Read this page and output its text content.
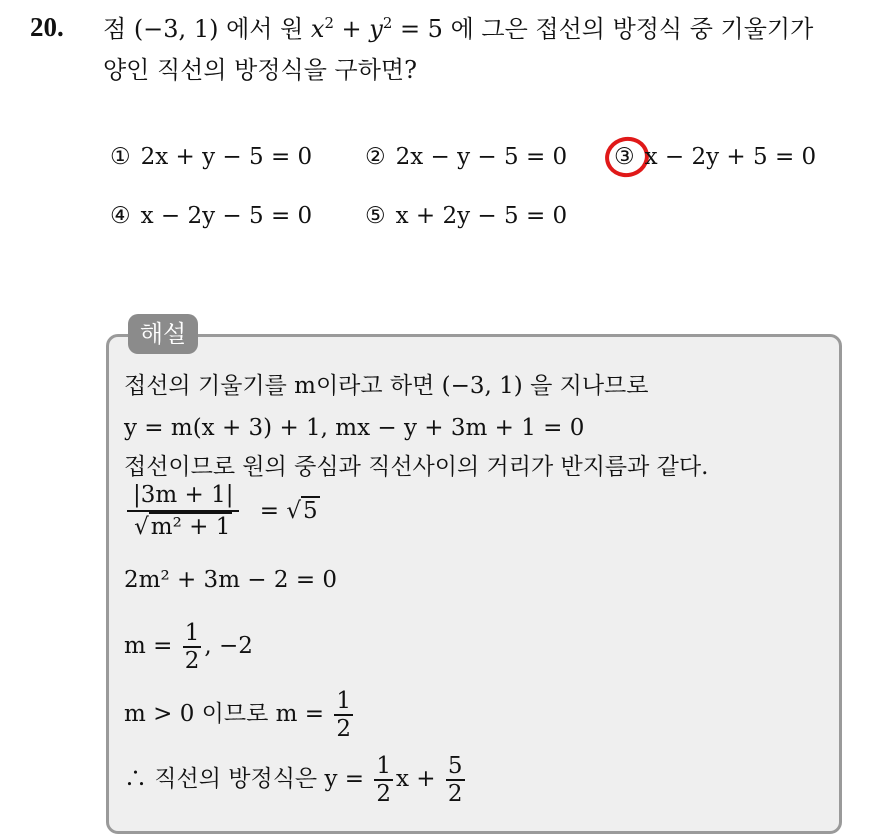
20. 점 (−3, 1) 에서 원 $x^2 + y^2 = 5$ 에 그은 접선의 방정식 중 기울기가
양인 직선의 방정식을 구하면?
① 2x + y − 5 = 0 ② 2x − y − 5 = 0 ③ x − 2y + 5 = 0
④ x − 2y − 5 = 0 ⑤ x + 2y − 5 = 0
해설
접선의 기울기를 m이라고 하면 (−3, 1) 을 지나므로
y = m(x + 3) + 1, mx − y + 3m + 1 = 0
접선이므로 원의 중심과 직선사이의 거리가 반지름과 같다.
$\frac{|3m + 1|}{\text{√m² + 1}} = √5$
2m² + 3m − 2 = 0
$m = \frac{1}{2}$ , −2
m > 0 이므로 $m = \frac{1}{2}$
∴ 직선의 방정식은 $y = \frac{1}{2}$ $x + \frac{5}{2}$
